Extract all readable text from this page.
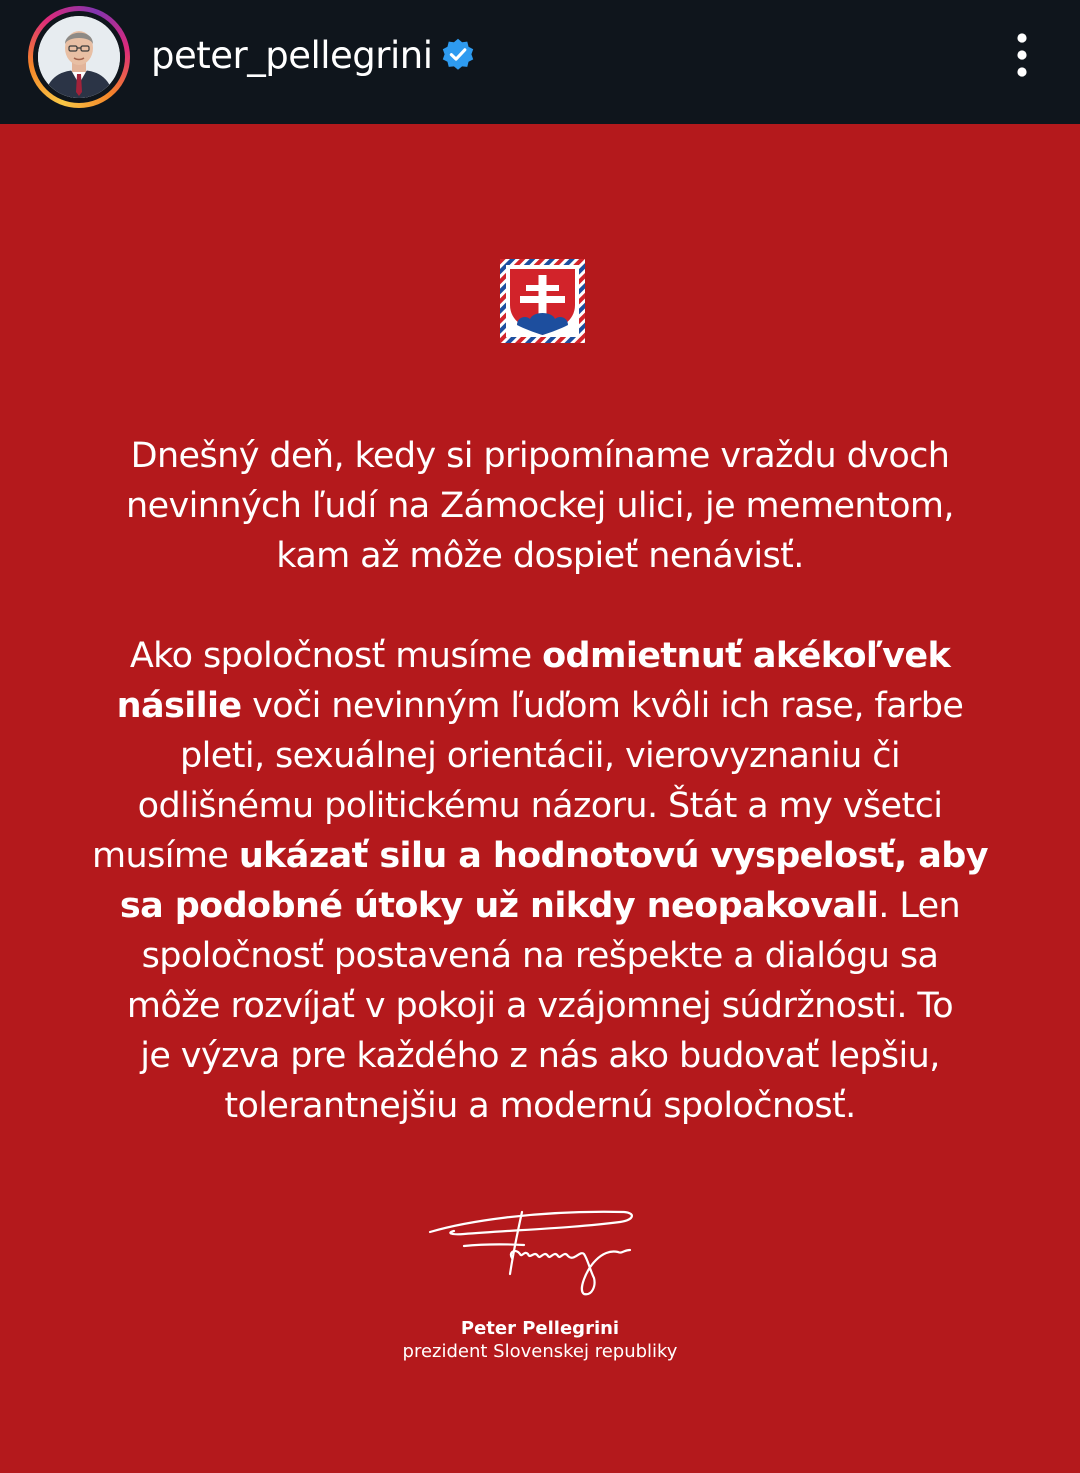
peter_pellegrini

Dnešný deň, kedy si pripomíname vraždu dvoch
nevinných ľudí na Zámockej ulici, je mementom,
kam až môže dospieť nenávisť.

Ako spoločnosť musíme odmietnuť akékoľvek
násilie voči nevinným ľuďom kvôli ich rase, farbe
pleti, sexuálnej orientácii, vierovyznaniu či
odlišnému politickému názoru. Štát a my všetci
musíme ukázať silu a hodnotovú vyspelosť, aby
sa podobné útoky už nikdy neopakovali. Len
spoločnosť postavená na rešpekte a dialógu sa
môže rozvíjať v pokoji a vzájomnej súdržnosti. To
je výzva pre každého z nás ako budovať lepšiu,
tolerantnejšiu a modernú spoločnosť.

Peter Pellegrini
prezident Slovenskej republiky
